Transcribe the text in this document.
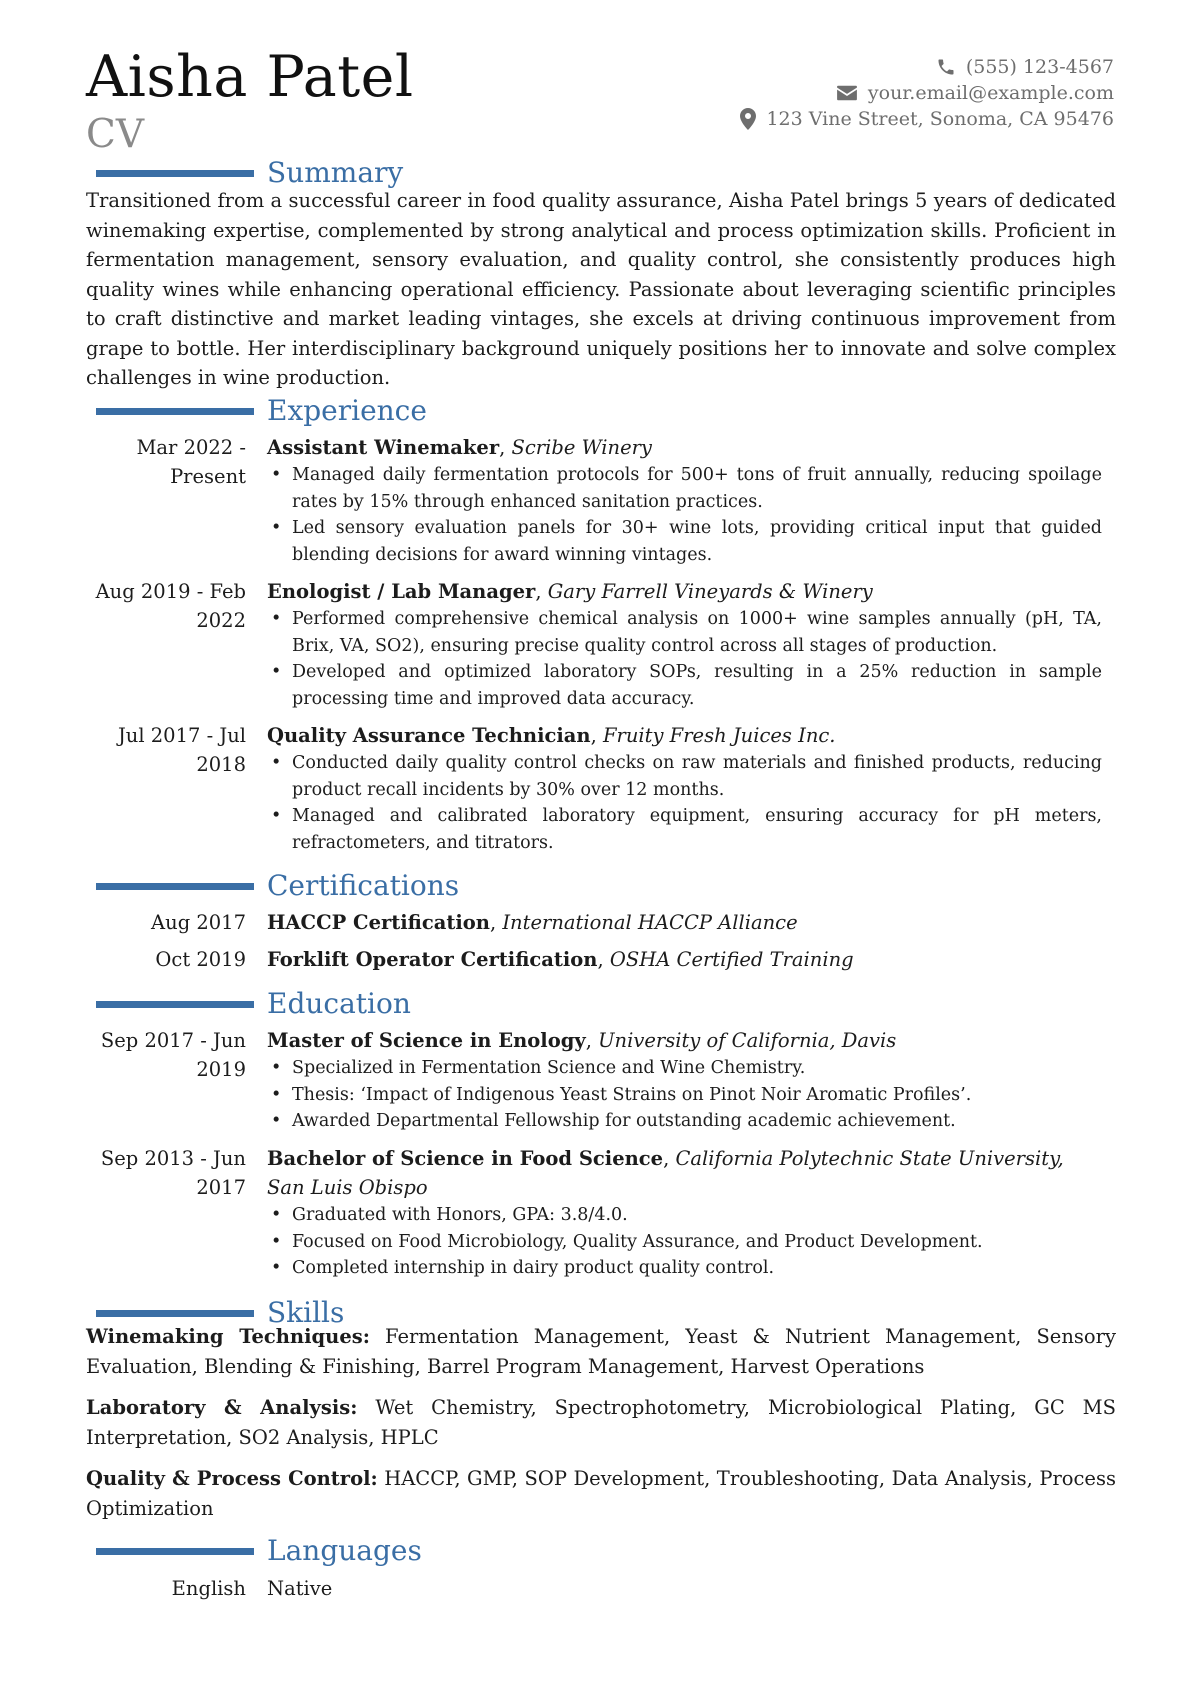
Aisha Patel
CV
(555) 123-4567
your.email@example.com
123 Vine Street, Sonoma, CA 95476
Summary

Transitioned from a successful career in food quality assurance, Aisha Patel brings 5 years of dedicated winemaking expertise, complemented by strong analytical and process optimization skills. Proficient in fermentation management, sensory evaluation, and quality control, she consistently produces high quality wines while enhancing operational efficiency. Passionate about leveraging scientific principles to craft distinctive and market leading vintages, she excels at driving continuous improvement from grape to bottle. Her interdisciplinary background uniquely positions her to innovate and solve complex challenges in wine production.

Experience
Mar 2022 - Present
Assistant Winemaker, Scribe Winery
• Managed daily fermentation protocols for 500+ tons of fruit annually, reducing spoilage rates by 15% through enhanced sanitation practices.
• Led sensory evaluation panels for 30+ wine lots, providing critical input that guided blending decisions for award winning vintages.
Aug 2019 - Feb 2022
Enologist / Lab Manager, Gary Farrell Vineyards & Winery
• Performed comprehensive chemical analysis on 1000+ wine samples annually (pH, TA, Brix, VA, SO2), ensuring precise quality control across all stages of production.
• Developed and optimized laboratory SOPs, resulting in a 25% reduction in sample processing time and improved data accuracy.
Jul 2017 - Jul 2018
Quality Assurance Technician, Fruity Fresh Juices Inc.
• Conducted daily quality control checks on raw materials and finished products, reducing product recall incidents by 30% over 12 months.
• Managed and calibrated laboratory equipment, ensuring accuracy for pH meters, refractometers, and titrators.
Certifications
Aug 2017 HACCP Certification, International HACCP Alliance
Oct 2019 Forklift Operator Certification, OSHA Certified Training
Education
Sep 2017 - Jun 2019
Master of Science in Enology, University of California, Davis
• Specialized in Fermentation Science and Wine Chemistry.
• Thesis: ‘Impact of Indigenous Yeast Strains on Pinot Noir Aromatic Profiles’.
• Awarded Departmental Fellowship for outstanding academic achievement.
Sep 2013 - Jun 2017
Bachelor of Science in Food Science, California Polytechnic State University, San Luis Obispo
• Graduated with Honors, GPA: 3.8/4.0.
• Focused on Food Microbiology, Quality Assurance, and Product Development.
• Completed internship in dairy product quality control.
Skills
Winemaking Techniques: Fermentation Management, Yeast & Nutrient Management, Sensory Evaluation, Blending & Finishing, Barrel Program Management, Harvest Operations
Laboratory & Analysis: Wet Chemistry, Spectrophotometry, Microbiological Plating, GC MS Interpretation, SO2 Analysis, HPLC
Quality & Process Control: HACCP, GMP, SOP Development, Troubleshooting, Data Analysis, Process Optimization
Languages
English Native
